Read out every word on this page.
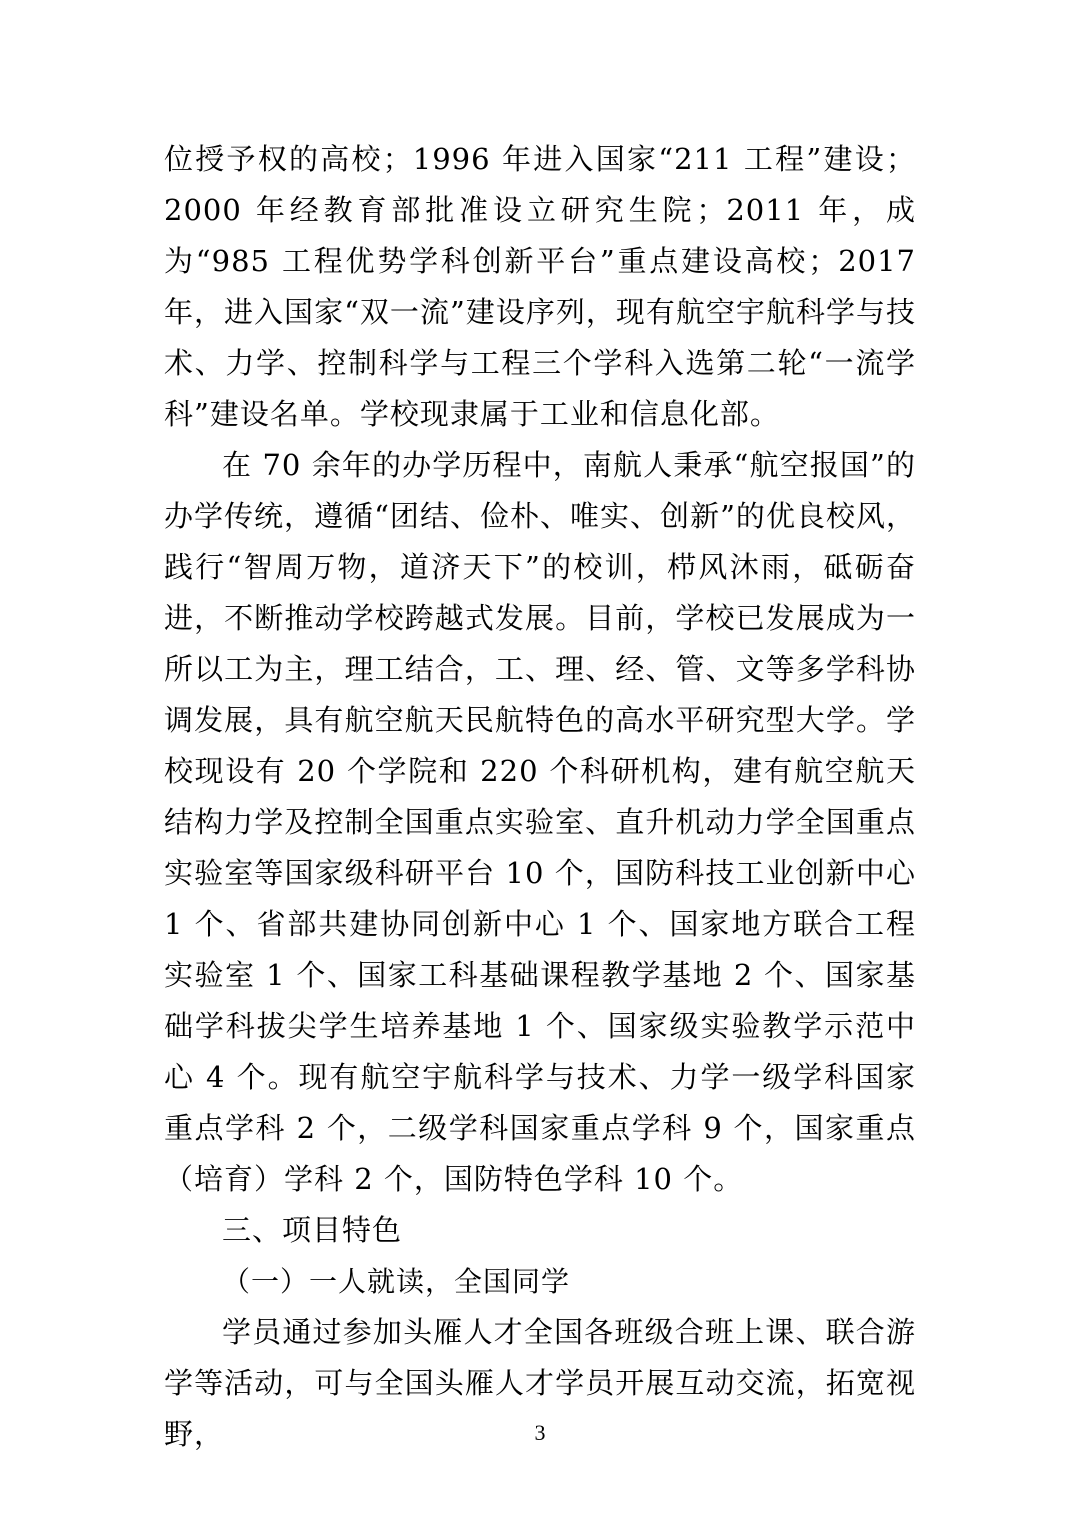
位授予权的高校；1996 年进入国家“211 工程”建设；2000 年经教育部批准设立研究生院；2011 年，成为“985 工程优势学科创新平台”重点建设高校；2017 年，进入国家“双一流”建设序列，现有航空宇航科学与技术、力学、控制科学与工程三个学科入选第二轮“一流学科”建设名单。学校现隶属于工业和信息化部。

在 70 余年的办学历程中，南航人秉承“航空报国”的办学传统，遵循“团结、俭朴、唯实、创新”的优良校风，践行“智周万物，道济天下”的校训，栉风沐雨，砥砺奋进，不断推动学校跨越式发展。目前，学校已发展成为一所以工为主，理工结合，工、理、经、管、文等多学科协调发展，具有航空航天民航特色的高水平研究型大学。学校现设有 20 个学院和 220 个科研机构，建有航空航天结构力学及控制全国重点实验室、直升机动力学全国重点实验室等国家级科研平台 10 个，国防科技工业创新中心 1 个、省部共建协同创新中心 1 个、国家地方联合工程实验室 1 个、国家工科基础课程教学基地 2 个、国家基础学科拔尖学生培养基地 1 个、国家级实验教学示范中心 4 个。现有航空宇航科学与技术、力学一级学科国家重点学科 2 个，二级学科国家重点学科 9 个，国家重点（培育）学科 2 个，国防特色学科 10 个。

三、项目特色

（一）一人就读，全国同学

学员通过参加头雁人才全国各班级合班上课、联合游学等活动，可与全国头雁人才学员开展互动交流，拓宽视野，	3
